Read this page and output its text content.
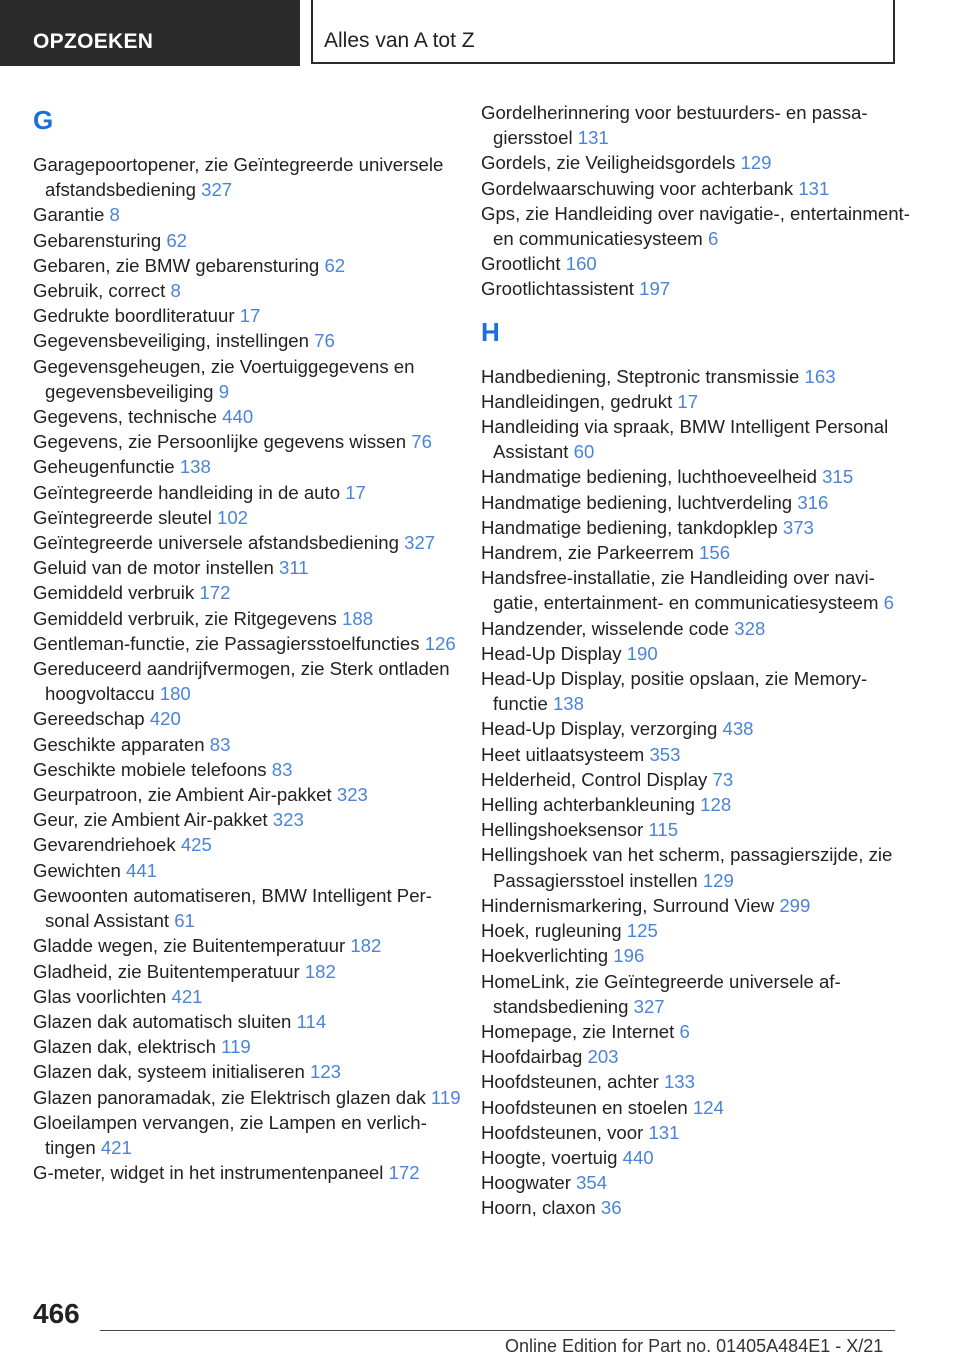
OPZOEKEN	Alles van A tot Z
G
Garagepoortopener, zie Geïntegreerde universele afstandsbediening 327
Garantie 8
Gebarensturing 62
Gebaren, zie BMW gebarensturing 62
Gebruik, correct 8
Gedrukte boordliteratuur 17
Gegevensbeveiliging, instellingen 76
Gegevensgeheugen, zie Voertuiggegevens en gegevensbeveiliging 9
Gegevens, technische 440
Gegevens, zie Persoonlijke gegevens wissen 76
Geheugenfunctie 138
Geïntegreerde handleiding in de auto 17
Geïntegreerde sleutel 102
Geïntegreerde universele afstandsbediening 327
Geluid van de motor instellen 311
Gemiddeld verbruik 172
Gemiddeld verbruik, zie Ritgegevens 188
Gentleman-functie, zie Passagiersstoelfuncties 126
Gereduceerd aandrijfvermogen, zie Sterk ontladen hoogvoltaccu 180
Gereedschap 420
Geschikte apparaten 83
Geschikte mobiele telefoons 83
Geurpatroon, zie Ambient Air-pakket 323
Geur, zie Ambient Air-pakket 323
Gevarendriehoek 425
Gewichten 441
Gewoonten automatiseren, BMW Intelligent Personal Assistant 61
Gladde wegen, zie Buitentemperatuur 182
Gladheid, zie Buitentemperatuur 182
Glas voorlichten 421
Glazen dak automatisch sluiten 114
Glazen dak, elektrisch 119
Glazen dak, systeem initialiseren 123
Glazen panoramadak, zie Elektrisch glazen dak 119
Gloeilampen vervangen, zie Lampen en verlichtingen 421
G-meter, widget in het instrumentenpaneel 172
Gordelherinnering voor bestuurders- en passagiersstoel 131
Gordels, zie Veiligheidsgordels 129
Gordelwaarschuwing voor achterbank 131
Gps, zie Handleiding over navigatie-, entertainment- en communicatiesysteem 6
Grootlicht 160
Grootlichtassistent 197
H
Handbediening, Steptronic transmissie 163
Handleidingen, gedrukt 17
Handleiding via spraak, BMW Intelligent Personal Assistant 60
Handmatige bediening, luchthoeveelheid 315
Handmatige bediening, luchtverdeling 316
Handmatige bediening, tankdopklep 373
Handrem, zie Parkeerrem 156
Handsfree-installatie, zie Handleiding over navigatie, entertainment- en communicatiesysteem 6
Handzender, wisselende code 328
Head-Up Display 190
Head-Up Display, positie opslaan, zie Memory-functie 138
Head-Up Display, verzorging 438
Heet uitlaatsysteem 353
Helderheid, Control Display 73
Helling achterbankleuning 128
Hellingshoeksensor 115
Hellingshoek van het scherm, passagierszijde, zie Passagiersstoel instellen 129
Hindernismarkering, Surround View 299
Hoek, rugleuning 125
Hoekverlichting 196
HomeLink, zie Geïntegreerde universele afstandsbediening 327
Homepage, zie Internet 6
Hoofdairbag 203
Hoofdsteunen, achter 133
Hoofdsteunen en stoelen 124
Hoofdsteunen, voor 131
Hoogte, voertuig 440
Hoogwater 354
Hoorn, claxon 36
466
Online Edition for Part no. 01405A484E1 - X/21
